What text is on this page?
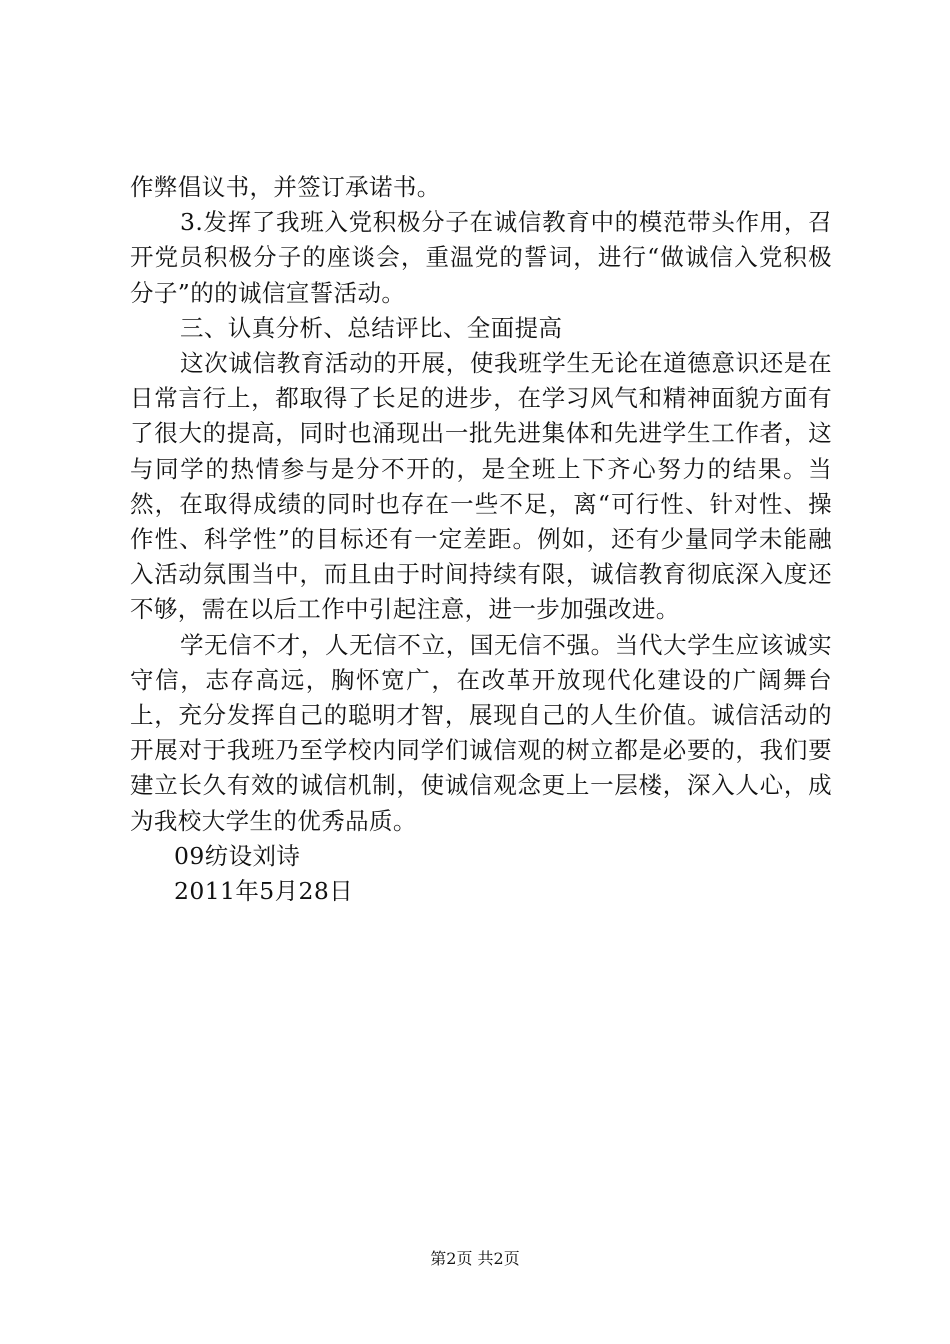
作弊倡议书，并签订承诺书。

3.发挥了我班入党积极分子在诚信教育中的模范带头作用，召开党员积极分子的座谈会，重温党的誓词，进行“做诚信入党积极分子”的的诚信宣誓活动。

三、认真分析、总结评比、全面提高

这次诚信教育活动的开展，使我班学生无论在道德意识还是在日常言行上，都取得了长足的进步，在学习风气和精神面貌方面有了很大的提高，同时也涌现出一批先进集体和先进学生工作者，这与同学的热情参与是分不开的，是全班上下齐心努力的结果。当然，在取得成绩的同时也存在一些不足，离“可行性、针对性、操作性、科学性”的目标还有一定差距。例如，还有少量同学未能融入活动氛围当中，而且由于时间持续有限，诚信教育彻底深入度还不够，需在以后工作中引起注意，进一步加强改进。

学无信不才，人无信不立，国无信不强。当代大学生应该诚实守信，志存高远，胸怀宽广，在改革开放现代化建设的广阔舞台上，充分发挥自己的聪明才智，展现自己的人生价值。诚信活动的开展对于我班乃至学校内同学们诚信观的树立都是必要的，我们要建立长久有效的诚信机制，使诚信观念更上一层楼，深入人心，成为我校大学生的优秀品质。

09纺设刘诗

2011年5月28日

第2页 共2页
